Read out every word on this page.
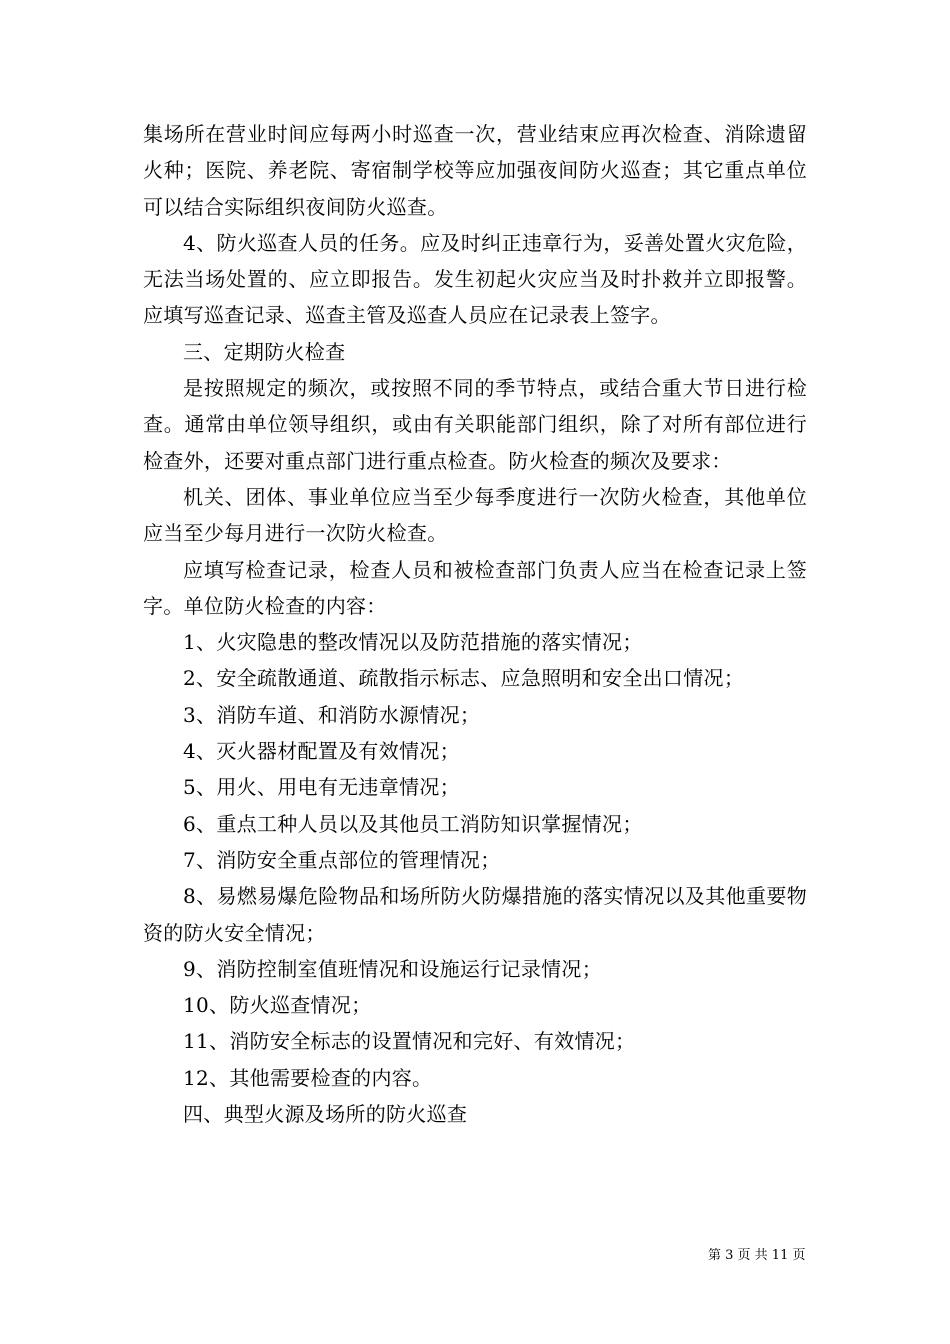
集场所在营业时间应每两小时巡查一次，营业结束应再次检查、消除遗留火种；医院、养老院、寄宿制学校等应加强夜间防火巡查；其它重点单位可以结合实际组织夜间防火巡查。

4、防火巡查人员的任务。应及时纠正违章行为，妥善处置火灾危险，无法当场处置的、应立即报告。发生初起火灾应当及时扑救并立即报警。应填写巡查记录、巡查主管及巡查人员应在记录表上签字。

三、定期防火检查

是按照规定的频次，或按照不同的季节特点，或结合重大节日进行检查。通常由单位领导组织，或由有关职能部门组织，除了对所有部位进行检查外，还要对重点部门进行重点检查。防火检查的频次及要求：

机关、团体、事业单位应当至少每季度进行一次防火检查，其他单位应当至少每月进行一次防火检查。

应填写检查记录，检查人员和被检查部门负责人应当在检查记录上签字。单位防火检查的内容：

1、火灾隐患的整改情况以及防范措施的落实情况；

2、安全疏散通道、疏散指示标志、应急照明和安全出口情况；

3、消防车道、和消防水源情况；

4、灭火器材配置及有效情况；

5、用火、用电有无违章情况；

6、重点工种人员以及其他员工消防知识掌握情况；

7、消防安全重点部位的管理情况；

8、易燃易爆危险物品和场所防火防爆措施的落实情况以及其他重要物资的防火安全情况；

9、消防控制室值班情况和设施运行记录情况；

10、防火巡查情况；

11、消防安全标志的设置情况和完好、有效情况；

12、其他需要检查的内容。

四、典型火源及场所的防火巡查

第 3 页 共 11 页
